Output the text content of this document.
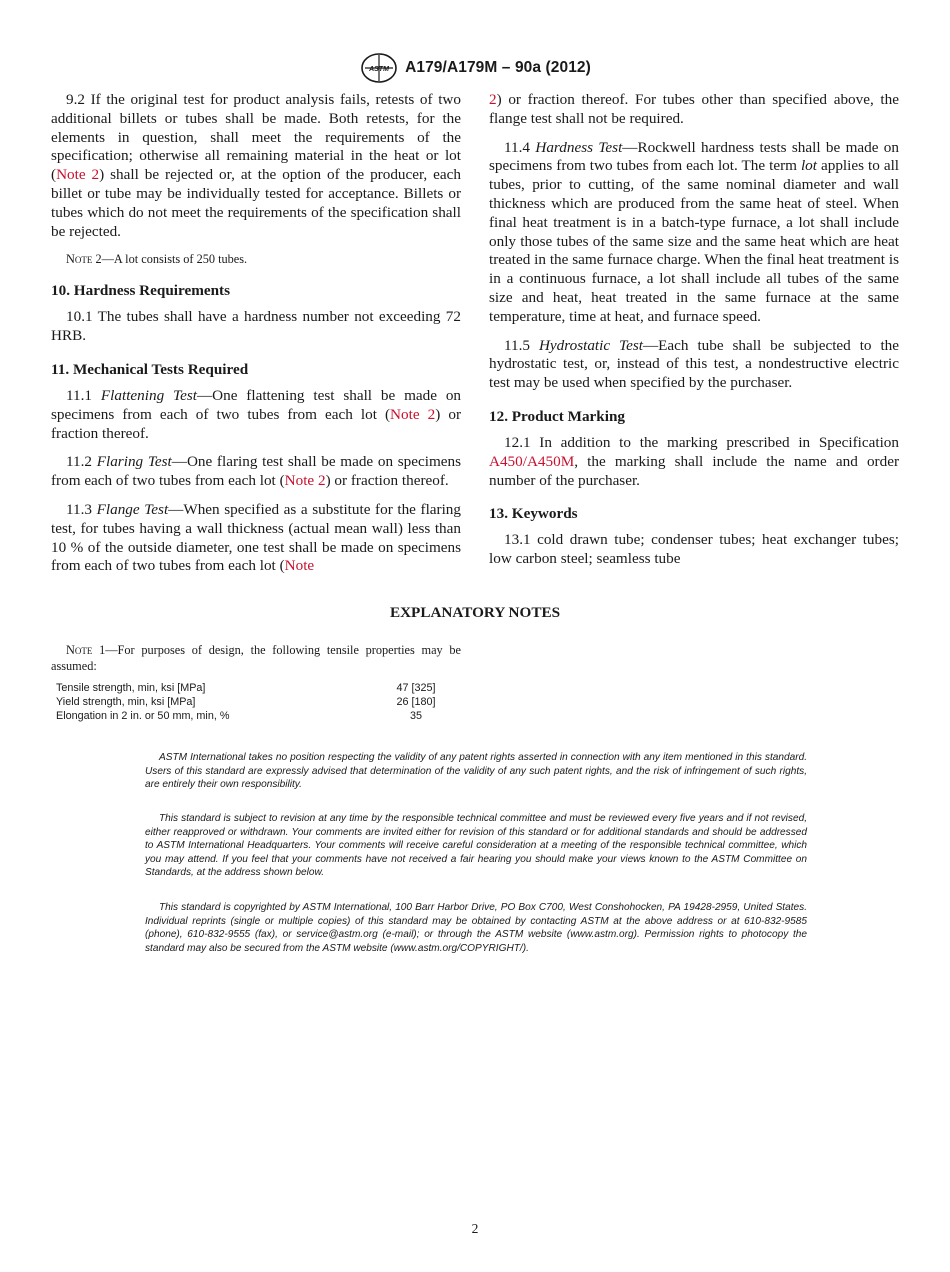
ASTM A179/A179M – 90a (2012)

9.2 If the original test for product analysis fails, retests of two additional billets or tubes shall be made. Both retests, for the elements in question, shall meet the requirements of the specification; otherwise all remaining material in the heat or lot (Note 2) shall be rejected or, at the option of the producer, each billet or tube may be individually tested for acceptance. Billets or tubes which do not meet the requirements of the specification shall be rejected.

Note 2—A lot consists of 250 tubes.

10. Hardness Requirements

10.1 The tubes shall have a hardness number not exceeding 72 HRB.

11. Mechanical Tests Required

11.1 Flattening Test—One flattening test shall be made on specimens from each of two tubes from each lot (Note 2) or fraction thereof.

11.2 Flaring Test—One flaring test shall be made on specimens from each of two tubes from each lot (Note 2) or fraction thereof.

11.3 Flange Test—When specified as a substitute for the flaring test, for tubes having a wall thickness (actual mean wall) less than 10 % of the outside diameter, one test shall be made on specimens from each of two tubes from each lot (Note

2) or fraction thereof. For tubes other than specified above, the flange test shall not be required.

11.4 Hardness Test—Rockwell hardness tests shall be made on specimens from two tubes from each lot. The term lot applies to all tubes, prior to cutting, of the same nominal diameter and wall thickness which are produced from the same heat of steel. When final heat treatment is in a batch-type furnace, a lot shall include only those tubes of the same size and the same heat which are heat treated in the same furnace charge. When the final heat treatment is in a continuous furnace, a lot shall include all tubes of the same size and heat, heat treated in the same furnace at the same temperature, time at heat, and furnace speed.

11.5 Hydrostatic Test—Each tube shall be subjected to the hydrostatic test, or, instead of this test, a nondestructive electric test may be used when specified by the purchaser.

12. Product Marking

12.1 In addition to the marking prescribed in Specification A450/A450M, the marking shall include the name and order number of the purchaser.

13. Keywords

13.1 cold drawn tube; condenser tubes; heat exchanger tubes; low carbon steel; seamless tube

EXPLANATORY NOTES

Note 1—For purposes of design, the following tensile properties may be assumed:

Tensile strength, min, ksi [MPa]	47 [325]
Yield strength, min, ksi [MPa]	26 [180]
Elongation in 2 in. or 50 mm, min, %	35

ASTM International takes no position respecting the validity of any patent rights asserted in connection with any item mentioned in this standard. Users of this standard are expressly advised that determination of the validity of any such patent rights, and the risk of infringement of such rights, are entirely their own responsibility.

This standard is subject to revision at any time by the responsible technical committee and must be reviewed every five years and if not revised, either reapproved or withdrawn. Your comments are invited either for revision of this standard or for additional standards and should be addressed to ASTM International Headquarters. Your comments will receive careful consideration at a meeting of the responsible technical committee, which you may attend. If you feel that your comments have not received a fair hearing you should make your views known to the ASTM Committee on Standards, at the address shown below.

This standard is copyrighted by ASTM International, 100 Barr Harbor Drive, PO Box C700, West Conshohocken, PA 19428-2959, United States. Individual reprints (single or multiple copies) of this standard may be obtained by contacting ASTM at the above address or at 610-832-9585 (phone), 610-832-9555 (fax), or service@astm.org (e-mail); or through the ASTM website (www.astm.org). Permission rights to photocopy the standard may also be secured from the ASTM website (www.astm.org/COPYRIGHT/).

2
